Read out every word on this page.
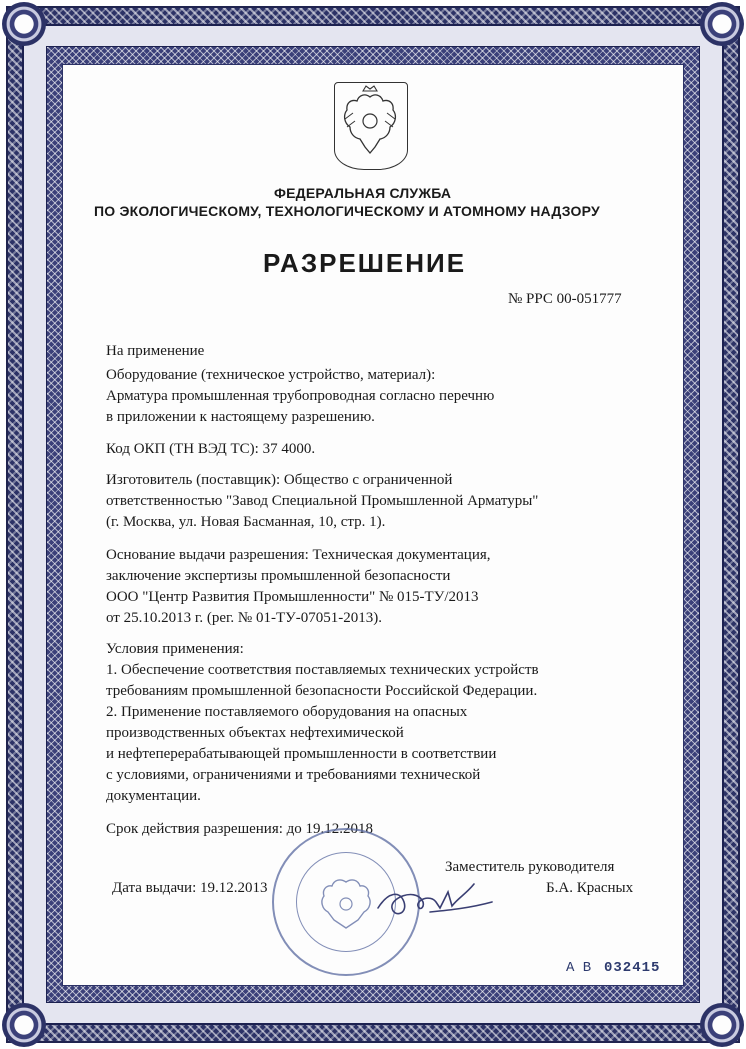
ФЕДЕРАЛЬНАЯ СЛУЖБА
ПО ЭКОЛОГИЧЕСКОМУ, ТЕХНОЛОГИЧЕСКОМУ И АТОМНОМУ НАДЗОРУ
РАЗРЕШЕНИЕ
№ РРС 00-051777
На применение
Оборудование (техническое устройство, материал):
Арматура промышленная трубопроводная согласно перечню
в приложении к настоящему разрешению.
Код ОКП (ТН ВЭД ТС): 37 4000.
Изготовитель (поставщик): Общество с ограниченной
ответственностью "Завод Специальной Промышленной Арматуры"
(г. Москва, ул. Новая Басманная, 10, стр. 1).
Основание выдачи разрешения: Техническая документация,
заключение экспертизы промышленной безопасности
ООО "Центр Развития Промышленности" № 015-ТУ/2013
от 25.10.2013 г. (рег. № 01-ТУ-07051-2013).
Условия применения:
1. Обеспечение соответствия поставляемых технических устройств
требованиям промышленной безопасности Российской Федерации.
2. Применение поставляемого оборудования на опасных
производственных объектах нефтехимической
и нефтеперерабатывающей промышленности в соответствии
с условиями, ограничениями и требованиями технической
документации.
Срок действия разрешения: до 19.12.2018
Заместитель руководителя
Дата выдачи: 19.12.2013	Б.А. Красных
А В 032415
